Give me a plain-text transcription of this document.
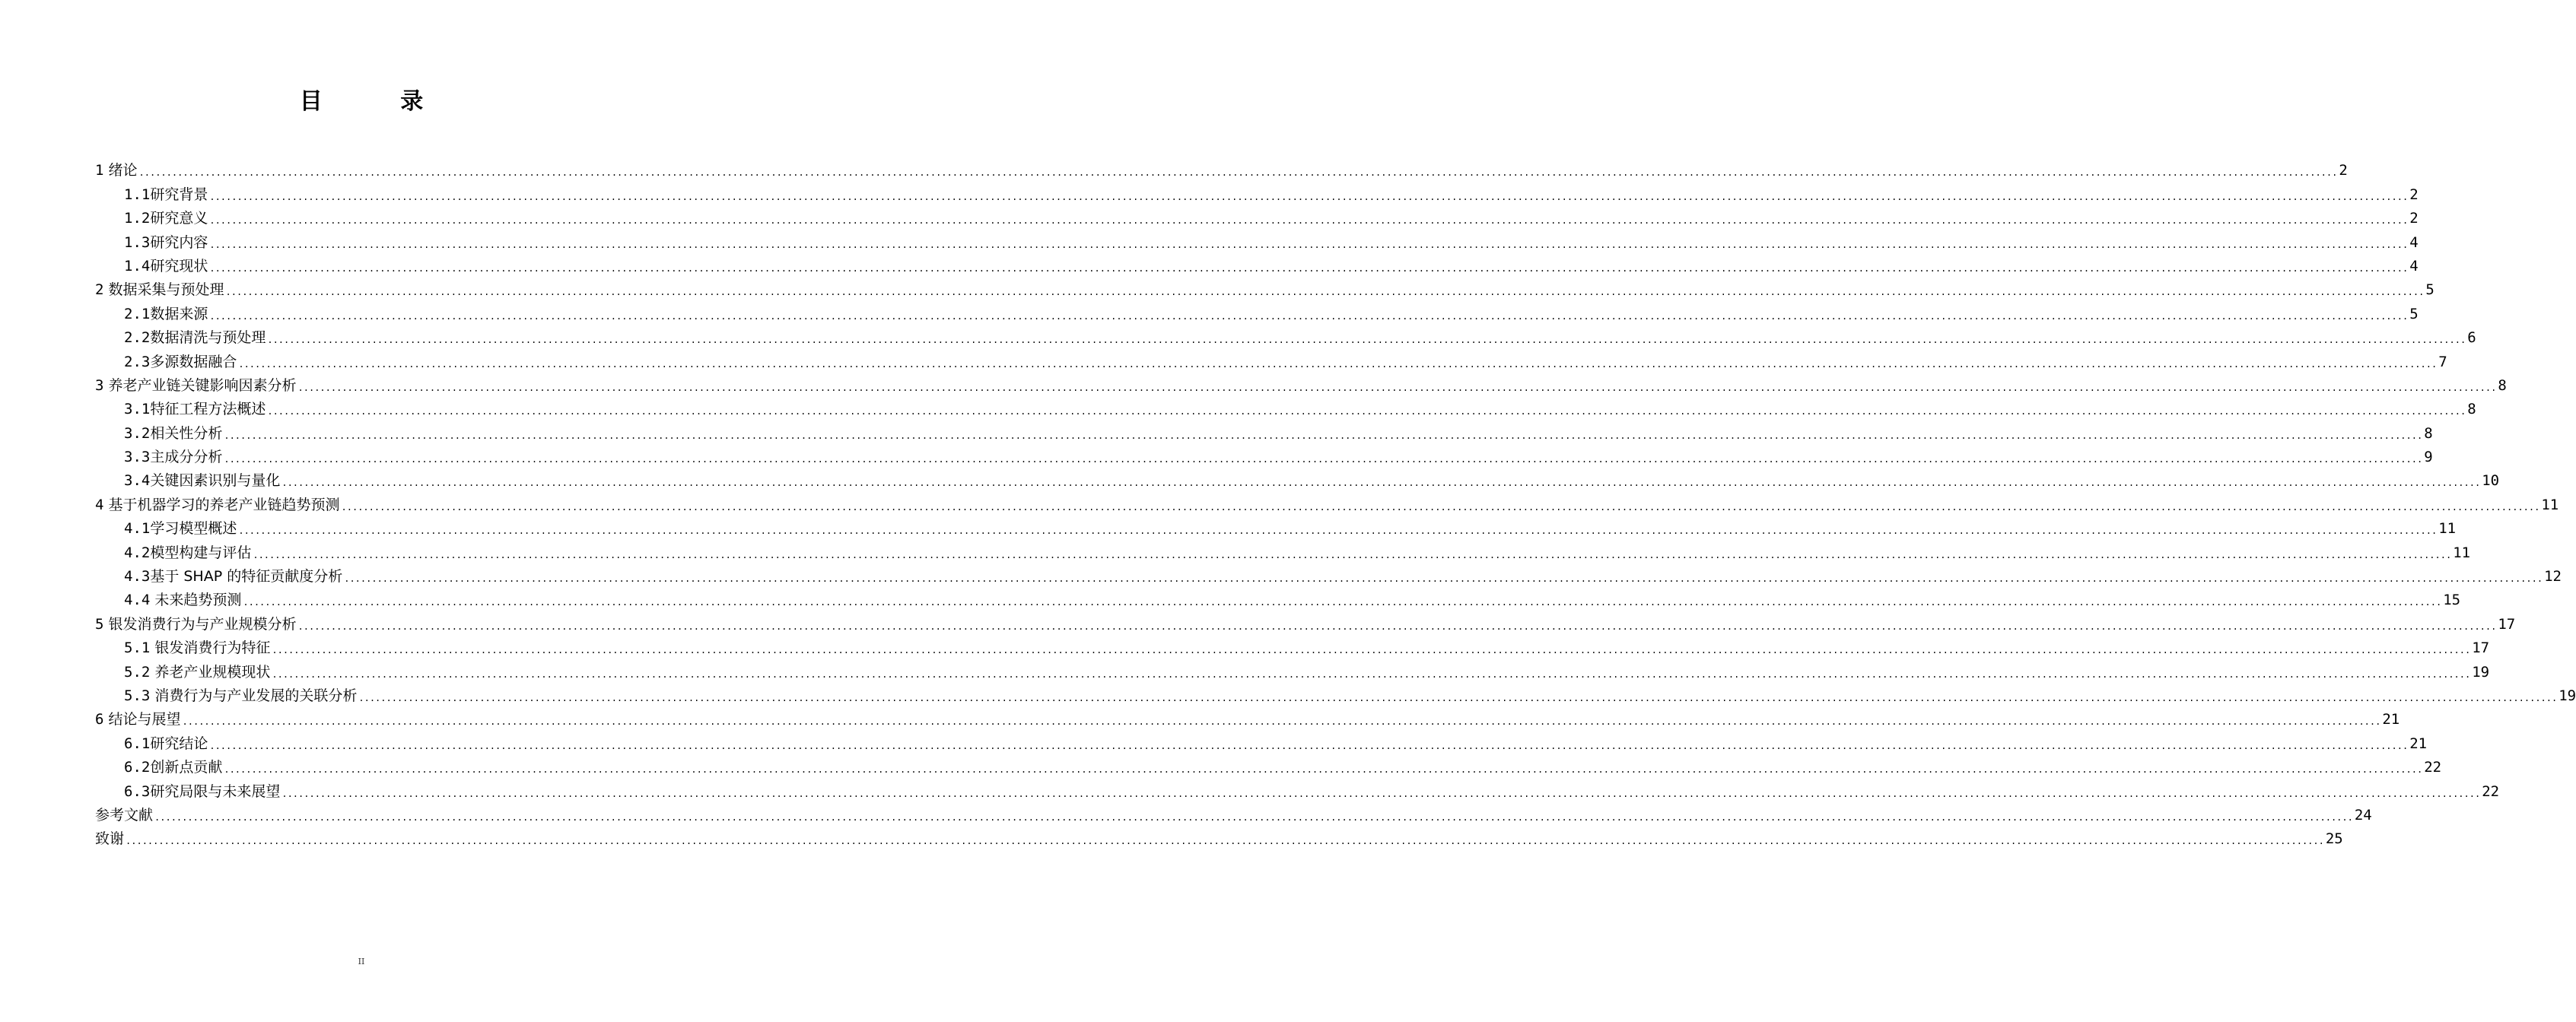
目 录
1 绪论 ................................................................................................................................................................................................................................................................................................................................................................................................................ 2
1.1研究背景 ................................................................................................................................................................................................................................................................................................................................................................................................................ 2
1.2研究意义 ................................................................................................................................................................................................................................................................................................................................................................................................................ 2
1.3研究内容 ................................................................................................................................................................................................................................................................................................................................................................................................................ 4
1.4研究现状 ................................................................................................................................................................................................................................................................................................................................................................................................................ 4
2 数据采集与预处理 ................................................................................................................................................................................................................................................................................................................................................................................................................ 5
2.1数据来源 ................................................................................................................................................................................................................................................................................................................................................................................................................ 5
2.2数据清洗与预处理 ................................................................................................................................................................................................................................................................................................................................................................................................................ 6
2.3多源数据融合 ................................................................................................................................................................................................................................................................................................................................................................................................................ 7
3 养老产业链关键影响因素分析 ................................................................................................................................................................................................................................................................................................................................................................................................................ 8
3.1特征工程方法概述 ................................................................................................................................................................................................................................................................................................................................................................................................................ 8
3.2相关性分析 ................................................................................................................................................................................................................................................................................................................................................................................................................ 8
3.3主成分分析 ................................................................................................................................................................................................................................................................................................................................................................................................................ 9
3.4关键因素识别与量化 ................................................................................................................................................................................................................................................................................................................................................................................................................ 10
4 基于机器学习的养老产业链趋势预测 ................................................................................................................................................................................................................................................................................................................................................................................................................ 11
4.1学习模型概述 ................................................................................................................................................................................................................................................................................................................................................................................................................ 11
4.2模型构建与评估 ................................................................................................................................................................................................................................................................................................................................................................................................................ 11
4.3基于 SHAP 的特征贡献度分析 ................................................................................................................................................................................................................................................................................................................................................................................................................ 12
4.4 未来趋势预测 ................................................................................................................................................................................................................................................................................................................................................................................................................ 15
5 银发消费行为与产业规模分析 ................................................................................................................................................................................................................................................................................................................................................................................................................ 17
5.1 银发消费行为特征 ................................................................................................................................................................................................................................................................................................................................................................................................................ 17
5.2 养老产业规模现状 ................................................................................................................................................................................................................................................................................................................................................................................................................ 19
5.3 消费行为与产业发展的关联分析 ................................................................................................................................................................................................................................................................................................................................................................................................................ 19
6 结论与展望 ................................................................................................................................................................................................................................................................................................................................................................................................................ 21
6.1研究结论 ................................................................................................................................................................................................................................................................................................................................................................................................................ 21
6.2创新点贡献 ................................................................................................................................................................................................................................................................................................................................................................................................................ 22
6.3研究局限与未来展望 ................................................................................................................................................................................................................................................................................................................................................................................................................ 22
参考文献 ................................................................................................................................................................................................................................................................................................................................................................................................................ 24
致谢 ................................................................................................................................................................................................................................................................................................................................................................................................................ 25
II
